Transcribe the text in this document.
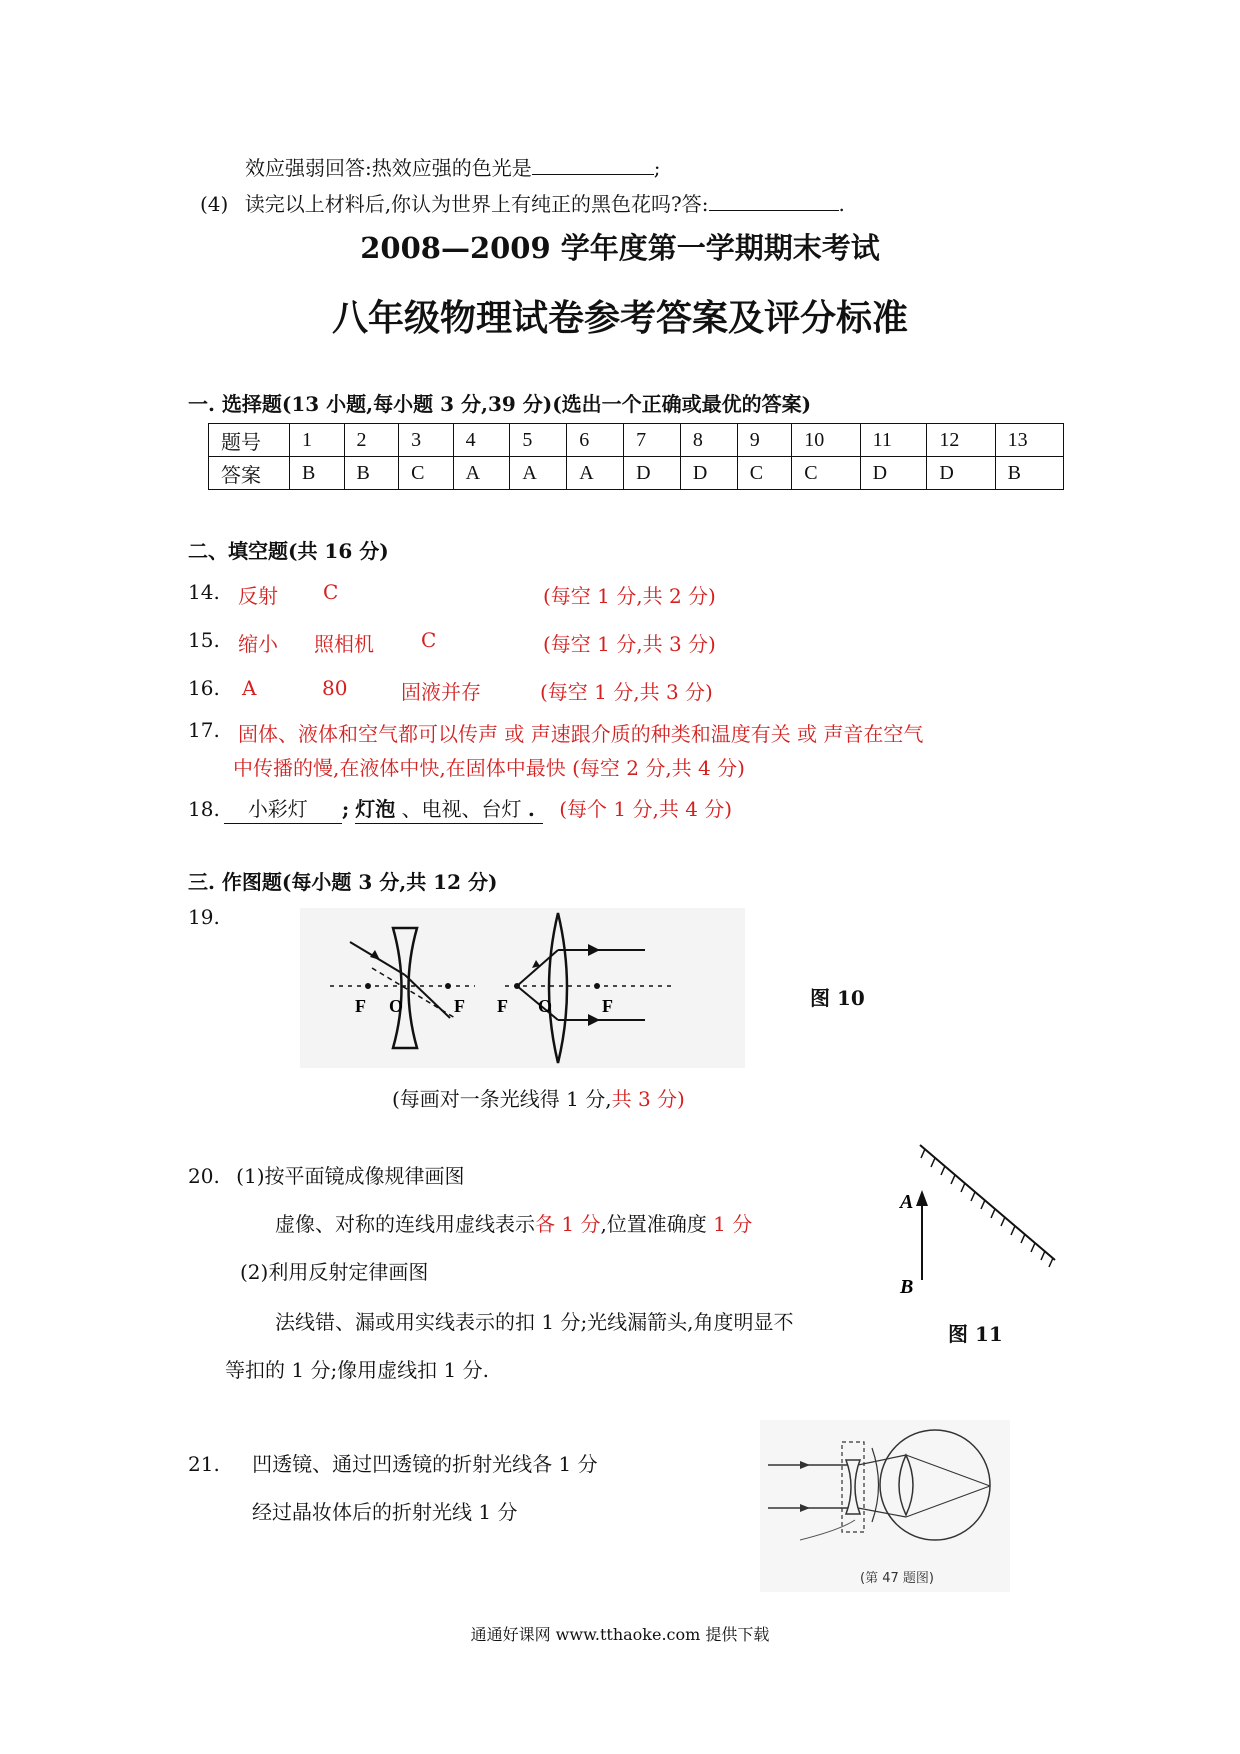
效应强弱回答:热效应强的色光是	;
(4) 读完以上材料后,你认为世界上有纯正的黑色花吗?答:	.
2008—2009 学年度第一学期期末考试
八年级物理试卷参考答案及评分标准
一. 选择题(13 小题,每小题 3 分,39 分)(选出一个正确或最优的答案)
题号	1	2	3	4	5	6	7	8	9	10	11	12	13
答案	B	B	C	A	A	A	D	D	C	C	D	D	B
二、填空题(共 16 分)
14. 反射 C	(每空 1 分,共 2 分)
15. 缩小 照相机 C	(每空 1 分,共 3 分)
16. A	80	固液并存	(每空 1 分,共 3 分)
17. 固体、液体和空气都可以传声 或 声速跟介质的种类和温度有关 或 声音在空气
中传播的慢,在液体中快,在固体中最快 (每空 2 分,共 4 分)
18. 小彩灯 ; 灯泡 、电视、台灯 . (每个 1 分,共 4 分)
三. 作图题(每小题 3 分,共 12 分)
19.
F O	F F O	F	图 10
(每画对一条光线得 1 分,共 3 分)
20. (1)按平面镜成像规律画图
虚像、对称的连线用虚线表示各 1 分,位置准确度 1 分
(2)利用反射定律画图
法线错、漏或用实线表示的扣 1 分;光线漏箭头,角度明显不
等扣的 1 分;像用虚线扣 1 分.
A
B
图 11
21. 凹透镜、通过凹透镜的折射光线各 1 分
经过晶妆体后的折射光线 1 分
(第 47 题图)
通通好课网 www.tthaoke.com 提供下载
